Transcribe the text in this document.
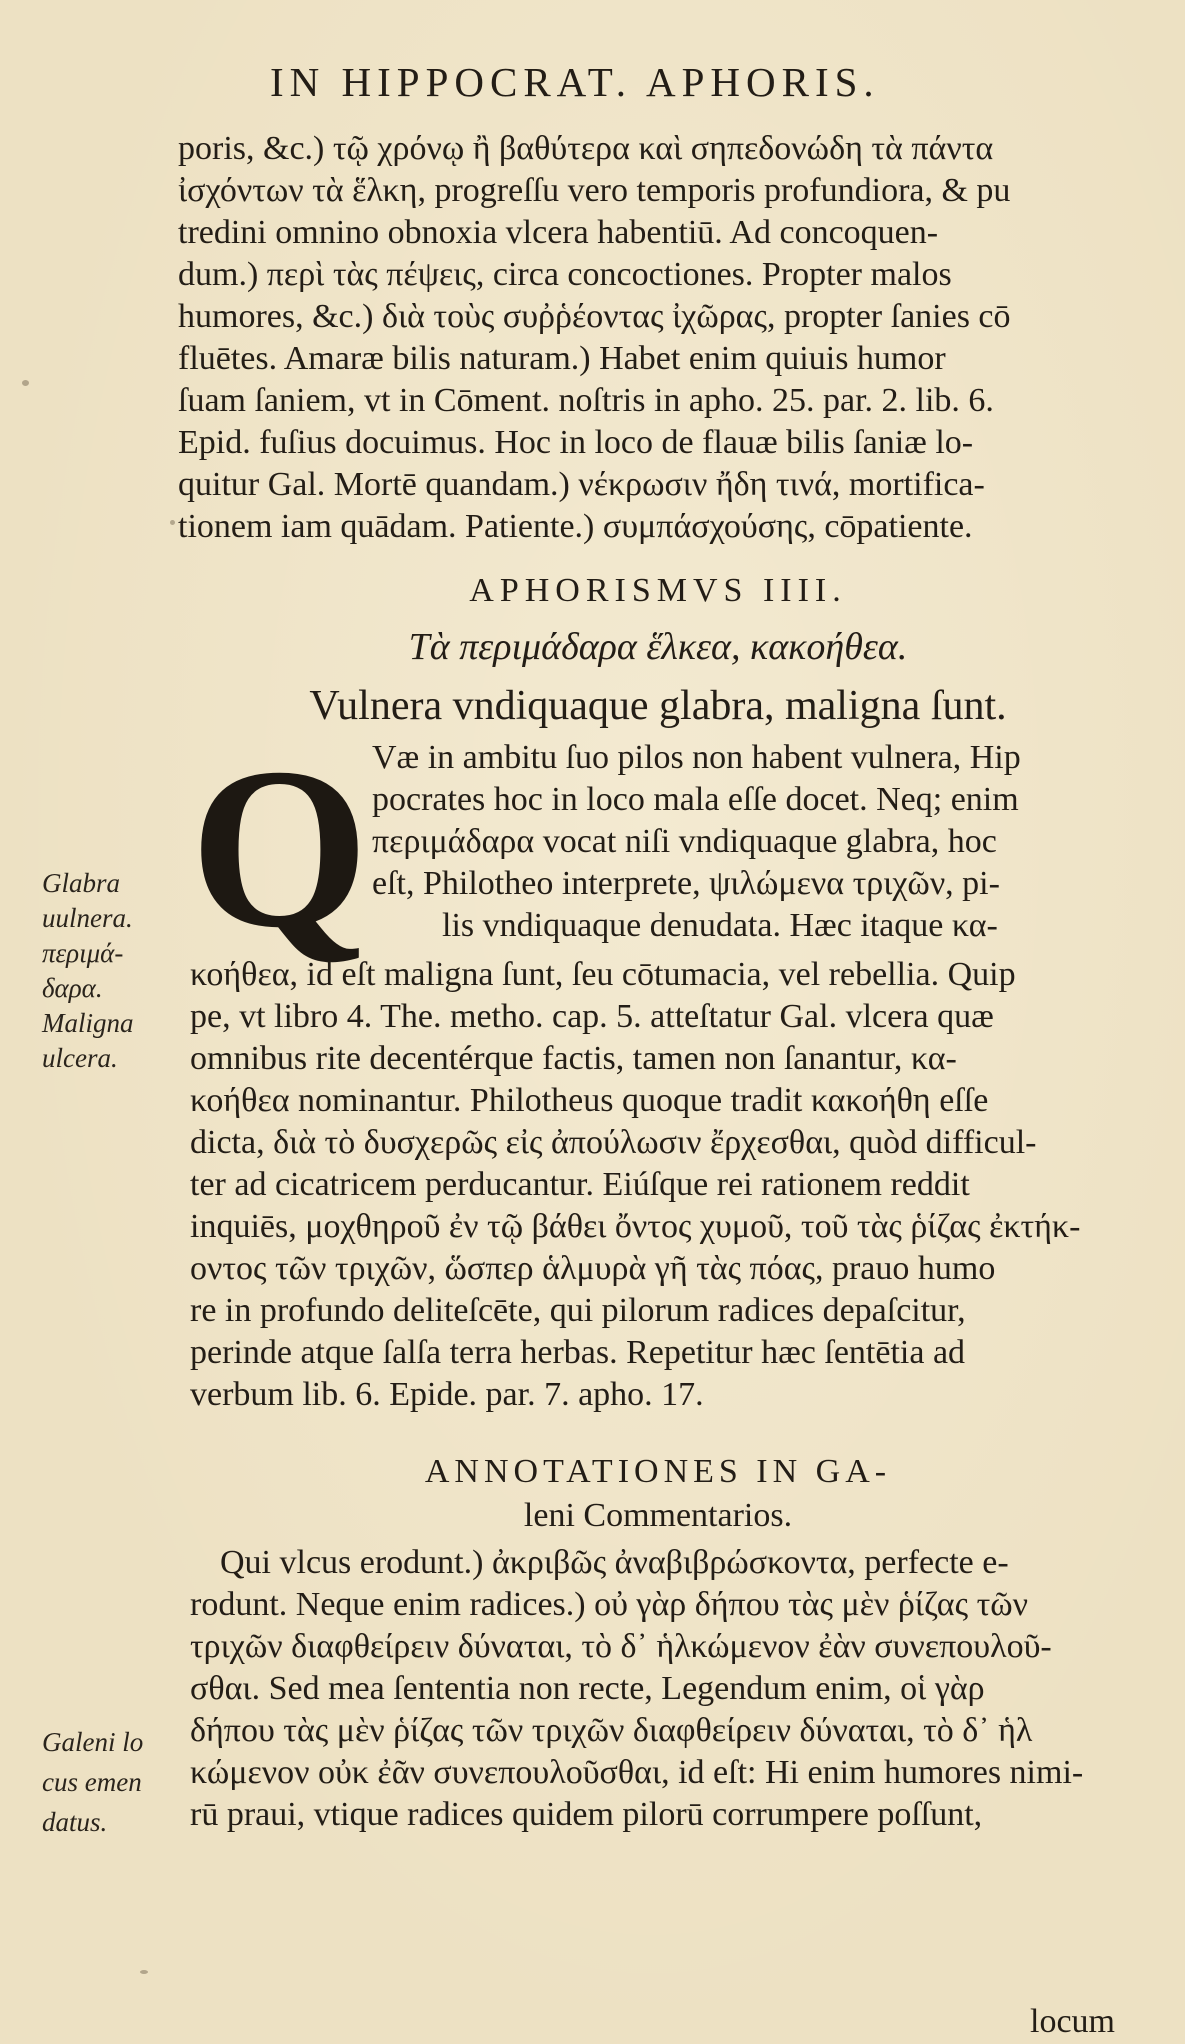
IN HIPPOCRAT. APHORIS.
poris, &c.) τῷ χρόνῳ ἢ βαθύτερα καὶ σηπεδονώδη τὰ πάντα
ἰσχόντων τὰ ἕλκη, progreſſu vero temporis profundiora, & pu
tredini omnino obnoxia vlcera habentiū. Ad concoquen-
dum.) περὶ τὰς πέψεις, circa concoctiones. Propter malos
humores, &c.) διὰ τοὺς συῤῥέοντας ἰχῶρας, propter ſanies cō
fluētes. Amaræ bilis naturam.) Habet enim quiuis humor
ſuam ſaniem, vt in Cōment. noſtris in apho. 25. par. 2. lib. 6.
Epid. fuſius docuimus. Hoc in loco de flauæ bilis ſaniæ lo-
quitur Gal. Mortē quandam.) νέκρωσιν ἤδη τινά, mortifica-
tionem iam quādam. Patiente.) συμπάσχούσης, cōpatiente.
APHORISMVS IIII.
Τὰ περιμάδαρα ἕλκεα, κακοήθεα.
Vulnera vndiquaque glabra, maligna ſunt.
Q Væ in ambitu ſuo pilos non habent vulnera, Hip
pocrates hoc in loco mala eſſe docet. Neq; enim
περιμάδαρα vocat niſi vndiquaque glabra, hoc
eſt, Philotheo interprete, ψιλώμενα τριχῶν, pi-
lis vndiquaque denudata. Hæc itaque κα-
κοήθεα, id eſt maligna ſunt, ſeu cōtumacia, vel rebellia. Quip
pe, vt libro 4. The. metho. cap. 5. atteſtatur Gal. vlcera quæ
omnibus rite decentérque factis, tamen non ſanantur, κα-
κοήθεα nominantur. Philotheus quoque tradit κακοήθη eſſe
dicta, διὰ τὸ δυσχερῶς εἰς ἀπούλωσιν ἔρχεσθαι, quòd difficul-
ter ad cicatricem perducantur. Eiúſque rei rationem reddit
inquiēs, μοχθηροῦ ἐν τῷ βάθει ὄντος χυμοῦ, τοῦ τὰς ῥίζας ἐκτήκ-
οντος τῶν τριχῶν, ὥσπερ ἁλμυρὰ γῆ τὰς πόας, prauo humo
re in profundo deliteſcēte, qui pilorum radices depaſcitur,
perinde atque ſalſa terra herbas. Repetitur hæc ſentētia ad
verbum lib. 6. Epide. par. 7. apho. 17.
ANNOTATIONES IN GA-
leni Commentarios.
Qui vlcus erodunt.) ἀκριβῶς ἀναβιβρώσκοντα, perfecte e-
rodunt. Neque enim radices.) οὐ γὰρ δήπου τὰς μὲν ῥίζας τῶν
τριχῶν διαφθείρειν δύναται, τὸ δ᾽ ἡλκώμενον ἐὰν συνεπουλοῦ-
σθαι. Sed mea ſententia non recte, Legendum enim, οἱ γὰρ
δήπου τὰς μὲν ῥίζας τῶν τριχῶν διαφθείρειν δύναται, τὸ δ᾽ ἡλ
κώμενον οὐκ ἐᾶν συνεπουλοῦσθαι, id eſt: Hi enim humores nimi-
rū praui, vtique radices quidem pilorū corrumpere poſſunt,
locum
Glabra
uulnera.
περιμά-
δαρα.
Maligna
ulcera.
Galeni lo
cus emen
datus.
